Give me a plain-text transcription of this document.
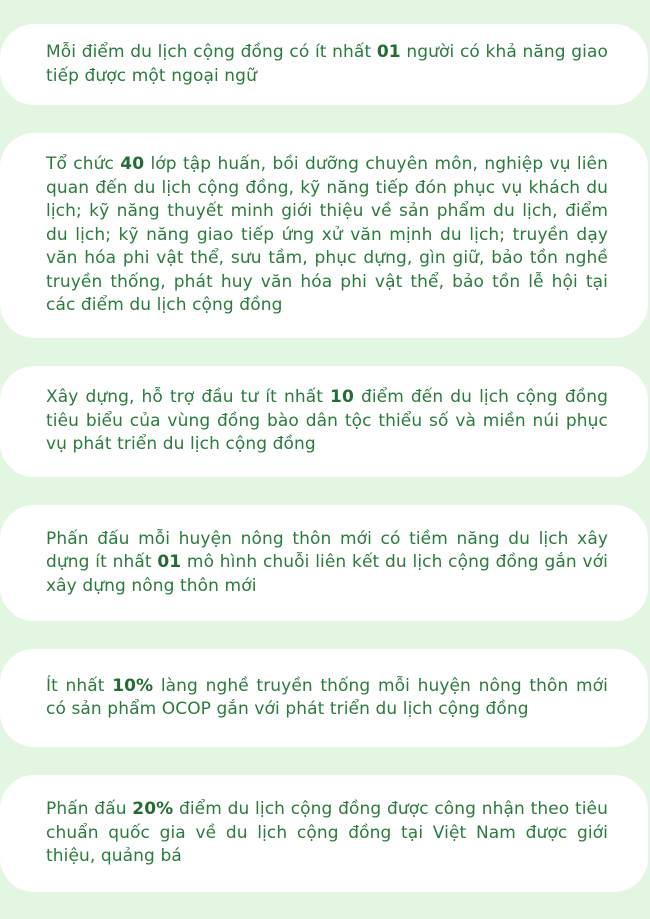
Mỗi điểm du lịch cộng đồng có ít nhất 01 người có khả năng giao tiếp được một ngoại ngữ

Tổ chức 40 lớp tập huấn, bồi dưỡng chuyên môn, nghiệp vụ liên quan đến du lịch cộng đồng, kỹ năng tiếp đón phục vụ khách du lịch; kỹ năng thuyết minh giới thiệu về sản phẩm du lịch, điểm du lịch; kỹ năng giao tiếp ứng xử văn mịnh du lịch; truyền dạy văn hóa phi vật thể, sưu tầm, phục dựng, gìn giữ, bảo tồn nghề truyền thống, phát huy văn hóa phi vật thể, bảo tồn lễ hội tại các điểm du lịch cộng đồng

Xây dựng, hỗ trợ đầu tư ít nhất 10 điểm đến du lịch cộng đồng tiêu biểu của vùng đồng bào dân tộc thiểu số và miền núi phục vụ phát triển du lịch cộng đồng

Phấn đấu mỗi huyện nông thôn mới có tiềm năng du lịch xây dựng ít nhất 01 mô hình chuỗi liên kết du lịch cộng đồng gắn với xây dựng nông thôn mới

Ít nhất 10% làng nghề truyền thống mỗi huyện nông thôn mới có sản phẩm OCOP gắn với phát triển du lịch cộng đồng

Phấn đấu 20% điểm du lịch cộng đồng được công nhận theo tiêu chuẩn quốc gia về du lịch cộng đồng tại Việt Nam được giới thiệu, quảng bá
